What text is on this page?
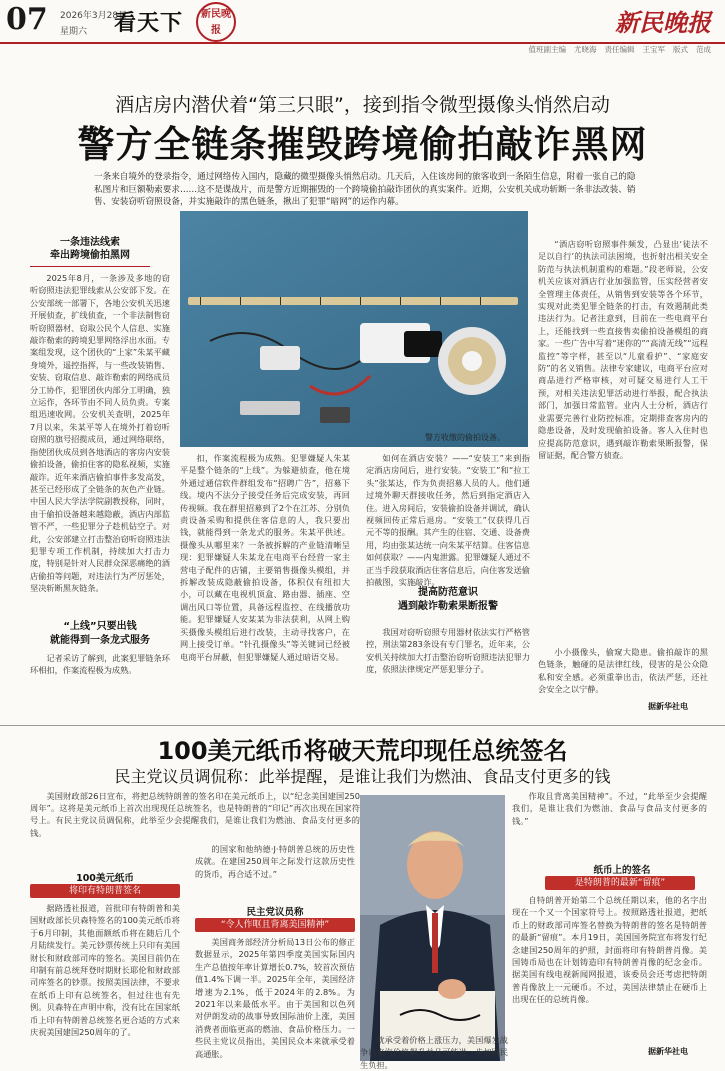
07 2026年3月28日
星期六 看天下	新民晚报	新民晚报
值班副主编 尤晓海 责任编辑 王宝军 版式 范成
酒店房内潜伏着“第三只眼”，接到指令微型摄像头悄然启动
警方全链条摧毁跨境偷拍敲诈黑网
一条来自境外的登录指令，通过网络传入国内，隐藏的微型摄像头悄然启动。几天后，入住该房间的旅客收到一条陌生信息，附着一张自己的隐私图片和巨额勒索要求……这不是谍战片，而是警方近期摧毁的一个跨境偷拍敲诈团伙的真实案件。近期，公安机关成功斩断一条非法改装、销售、安装窃听窃照设备，并实施敲诈的黑色链条，揪出了犯罪“暗网”的运作内幕。
一条违法线索
牵出跨境偷拍黑网

2025年8月，一条涉及多地的窃听窃照违法犯罪线索从公安部下发。在公安部统一部署下，各地公安机关迅速开展侦查，扩线侦查，一个非法制售窃听窃照器材、窃取公民个人信息、实施敲诈勒索的跨境犯罪网络浮出水面。专案组发现，这个团伙的“上家”朱某平藏身境外，遥控指挥，与一些改装销售、安装、窃取信息、敲诈勒索的网络成员分工协作，犯罪团伙内部分工明确，独立运作，各环节由不同人员负责。专案组迅速收网。公安机关查明，2025年7月以来，朱某平等人在境外打着窃听窃照的旗号招揽成员，通过网络联络，指使团伙成员到各地酒店的客房内安装偷拍设备，偷拍住客的隐私视频，实施敲诈。近年来酒店偷拍事件多发高发，甚至已经形成了全链条的灰色产业链。中国人民大学法学院副教授称，同时，由于偷拍设备越来越隐蔽，酒店内部监管不严，一些犯罪分子趁机钻空子。对此，公安部建立打击整治窃听窃照违法犯罪专项工作机制，持续加大打击力度，特别是针对人民群众深恶痛绝的酒店偷拍等问题，对违法行为严厉惩处，坚决斩断黑灰链条。

“上线”只要出钱
就能得到一条龙式服务

记者采访了解到，此案犯罪链条环环相扣，作案流程极为成熟。

警方收缴的偷拍设备。

扣，作案流程极为成熟。犯罪嫌疑人朱某平是整个链条的“上线”。为躲避侦查，他在境外通过通信软件群组发布“招聘广告”，招募下线。境内不法分子接受任务后完成安装，再回传视频。我在群里招募到了2个在江苏、分别负责设备采购和提供住客信息的人，我只要出钱，就能得到一条龙式的服务。朱某平供述。摄像头从哪里来？一条被拆解的产业链清晰呈现：犯罪嫌疑人朱某龙在电商平台经营一家主营电子配件的店铺，主要销售摄像头模组，并拆解改装成隐蔽偷拍设备，体积仅有纽扣大小，可以藏在电视机顶盒、路由器、插座、空调出风口等位置，具备远程监控、在线播放功能。犯罪嫌疑人安某某为非法获利，从网上购买摄像头模组后进行改装，主动寻找客户，在网上接受订单。“针孔摄像头”等关键词已经被电商平台屏蔽，但犯罪嫌疑人通过暗语交易。

如何在酒店安装？——“安装工”来到指定酒店房间后，进行安装。“安装工”和“拉工头”张某达，作为负责招募人员的人。他们通过境外聊天群接收任务，然后到指定酒店入住。进入房间后，安装偷拍设备并调试，确认视频回传正常后退房。“安装工”仅获得几百元不等的报酬。其产生的住宿、交通、设备费用，均由张某达统一向朱某平结算。住客信息如何获取？——内鬼泄露。犯罪嫌疑人通过不正当手段获取酒店住客信息后，向住客发送偷拍截图，实施敲诈。

提高防范意识
遇到敲诈勒索果断报警

我国对窃听窃照专用器材依法实行严格管控，刑法第283条设有专门罪名，近年来，公安机关持续加大打击整治窃听窃照违法犯罪力度，依照法律规定严惩犯罪分子。

“酒店窃听窃照事件频发，凸显出‘徒法不足以自行’的执法司法困境，也折射出相关安全防范与执法机制重构的难题。”段老师说，公安机关应该对酒店行业加强监管，压实经营者安全管理主体责任，从销售到安装等各个环节，实现对此类犯罪全链条的打击，有效遏制此类违法行为。记者注意到，目前在一些电商平台上，还能找到一些直接售卖偷拍设备模组的商家。一些广告中写着“迷你的”“高清无线”“远程监控”等字样，甚至以“儿童看护”、“家庭安防”的名义销售。法律专家建议，电商平台应对商品进行严格审核，对可疑交易进行人工干预，对相关违法犯罪活动进行举报，配合执法部门，加强日常监管。业内人士分析，酒店行业需要完善行业防控标准，定期排查客房内的隐患设备，及时发现偷拍设备。客人入住时也应提高防范意识，遇到敲诈勒索果断报警，保留证据，配合警方侦查。

小小摄像头，偷窥大隐患。偷拍敲诈的黑色链条，触碰的是法律红线，侵害的是公众隐私和安全感。必须重拳出击，依法严惩，还社会安全之以宁静。

据新华社电
100美元纸币将破天荒印现任总统签名
民主党议员调侃称：此举提醒，是谁让我们为燃油、食品支付更多的钱

美国财政部26日宣布，将把总统特朗普的签名印在美元纸币上，以“纪念美国建国250周年”。这将是美元纸币上首次出现现任总统签名，也是特朗普的“印记”再次出现在国家符号上。有民主党议员调侃称，此举至少会提醒我们，是谁让我们为燃油、食品支付更多的钱。

100美元纸币
将印有特朗普签名

据路透社报道，首批印有特朗普和美国财政部长贝森特签名的100美元纸币将于6月印制，其他面额纸币将在随后几个月陆续发行。美元钞票传统上只印有美国财长和财政部司库的签名。美国目前仍在印制有前总统拜登时期财长耶伦和财政部司库签名的钞票。按照美国法律，不要求在纸币上印有总统签名，但过往也有先例。贝森特在声明中称，没有比在国家纸币上印有特朗普总统签名更合适的方式来庆祝美国建国250周年的了。

的国家和他纳德·J·特朗普总统的历史性成就。在建国250周年之际发行这款历史性的货币，再合适不过。”

民主党议员称
“令人作呕且背离美国精神”

美国商务部经济分析局13日公布的修正数据显示，2025年第四季度美国实际国内生产总值按年率计算增长0.7%，较首次预估值1.4%下调一半。2025年全年，美国经济增速为2.1%，低于2024年的2.8%。为2021年以来最低水平。由于美国和以色列对伊朗发动的战事导致国际油价上涨，美国消费者面临更高的燃油、食品价格压力。一些民主党议员指出，美国民众本来就承受着高通胀。

就承受着价格上涨压力，美国爆发战争以来汽价格飙升并且可能进一步加剧民生负担。

作取且背离美国精神”。不过，“此举至少会提醒我们，是谁让我们为燃油、食品与食品支付更多的钱。”

纸币上的签名
是特朗普的最新“留痕”

自特朗普开始第二个总统任期以来，他的名字出现在一个又一个国家符号上。按照路透社报道，把纸币上的财政部司库签名替换为特朗普的签名是特朗普的最新“留痕”。本月19日，美国国务院宣布将发行纪念建国250周年的护照，封面将印有特朗普肖像。美国铸币局也在计划铸造印有特朗普肖像的纪念金币。据美国有线电视新闻网报道，该委员会还考虑把特朗普肖像放上一元硬币。不过，美国法律禁止在硬币上出现在任的总统肖像。

据新华社电
